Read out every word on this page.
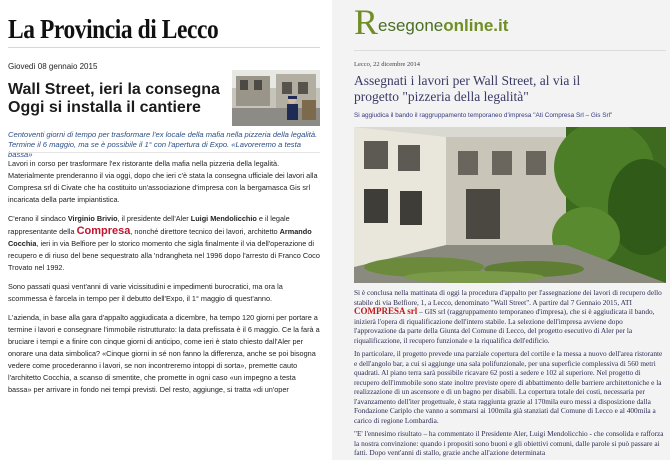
La Provincia di Lecco
Giovedì 08 gennaio 2015
Wall Street, ieri la consegna
Oggi si installa il cantiere
Centoventi giorni di tempo per trasformare l'ex locale della mafia nella pizzeria della legalità. Termine il 6 maggio, ma se è possibile il 1° con l'apertura di Expo. «Lavoreremo a testa bassa»

Lavori in corso per trasformare l'ex ristorante della mafia nella pizzeria della legalità. Materialmente prenderanno il via oggi, dopo che ieri c'è stata la consegna ufficiale dei lavori alla Compresa srl di Civate che ha costituito un'associazione d'impresa con la bergamasca Gis srl incaricata della parte impiantistica.

C'erano il sindaco Virginio Brivio, il presidente dell'Aler Luigi Mendolicchio e il legale rappresentante della Compresa, nonché direttore tecnico dei lavori, architetto Armando Cocchia, ieri in via Belfiore per lo storico momento che sigla finalmente il via dell'operazione di recupero e di riuso del bene sequestrato alla 'ndrangheta nel 1996 dopo l'arresto di Franco Coco Trovato nel 1992.

Sono passati quasi vent'anni di varie vicissitudini e impedimenti burocratici, ma ora la scommessa è farcela in tempo per il debutto dell'Expo, il 1° maggio di quest'anno.

L'azienda, in base alla gara d'appalto aggiudicata a dicembre, ha tempo 120 giorni per portare a termine i lavori e consegnare l'immobile ristrutturato: la data prefissata è il 6 maggio. Ce la farà a bruciare i tempi e a finire con cinque giorni di anticipo, come ieri è stato chiesto dall'Aler per onorare una data simbolica? «Cinque giorni in sé non fanno la differenza, anche se poi bisogna vedere come procederanno i lavori, se non incontreremo intoppi di sorta», premette cauto l'architetto Cocchia, a scanso di smentite, che promette in ogni caso «un impegno a testa bassa» per arrivare in fondo nei tempi previsti. Del resto, aggiunge, si tratta «di un'oper

Resegoneonline.it
Lecco, 22 dicembre 2014
Assegnati i lavori per Wall Street, al via il
progetto "pizzeria della legalità"
Si aggiudica il bando il raggruppamento temporaneo d'impresa "Ati Compresa Srl – Gis Srl"

Si è conclusa nella mattinata di oggi la procedura d'appalto per l'assegnazione dei lavori di recupero dello stabile di via Belfiore, 1, a Lecco, denominato "Wall Street". A partire dal 7 Gennaio 2015, ATI COMPRESA srl – GIS srl (raggruppamento temporaneo d'impresa), che si è aggiudicata il bando, inizierà l'opera di riqualificazione dell'intero stabile. La selezione dell'impresa avviene dopo l'approvazione da parte della Giunta del Comune di Lecco, del progetto esecutivo di Aler per la riqualificazione, il recupero funzionale e la riqualifica dell'edificio.

In particolare, il progetto prevede una parziale copertura del cortile e la messa a nuovo dell'area ristorante e dell'angolo bar, a cui si aggiunge una sala polifunzionale, per una superficie complessiva di 560 metri quadrati. Al piano terra sarà possibile ricavare 62 posti a sedere e 102 al superiore. Nel progetto di recupero dell'immobile sono state inoltre previste opere di abbattimento delle barriere architettoniche e la realizzazione di un ascensore e di un bagno per disabili. La copertura totale dei costi, necessaria per l'avanzamento dell'iter progettuale, è stata raggiunta grazie al 170mila euro messi a disposizione dalla Fondazione Cariplo che vanno a sommarsi ai 100mila già stanziati dal Comune di Lecco e al 400mila a carico di regione Lombardia.

"E' l'ennesimo risultato – ha commentato il Presidente Aler, Luigi Mendolicchio - che consolida e rafforza la nostra convinzione: quando i propositi sono buoni e gli obiettivi comuni, dalle parole si può passare ai fatti. Dopo vent'anni di stallo, grazie anche all'azione determinata
